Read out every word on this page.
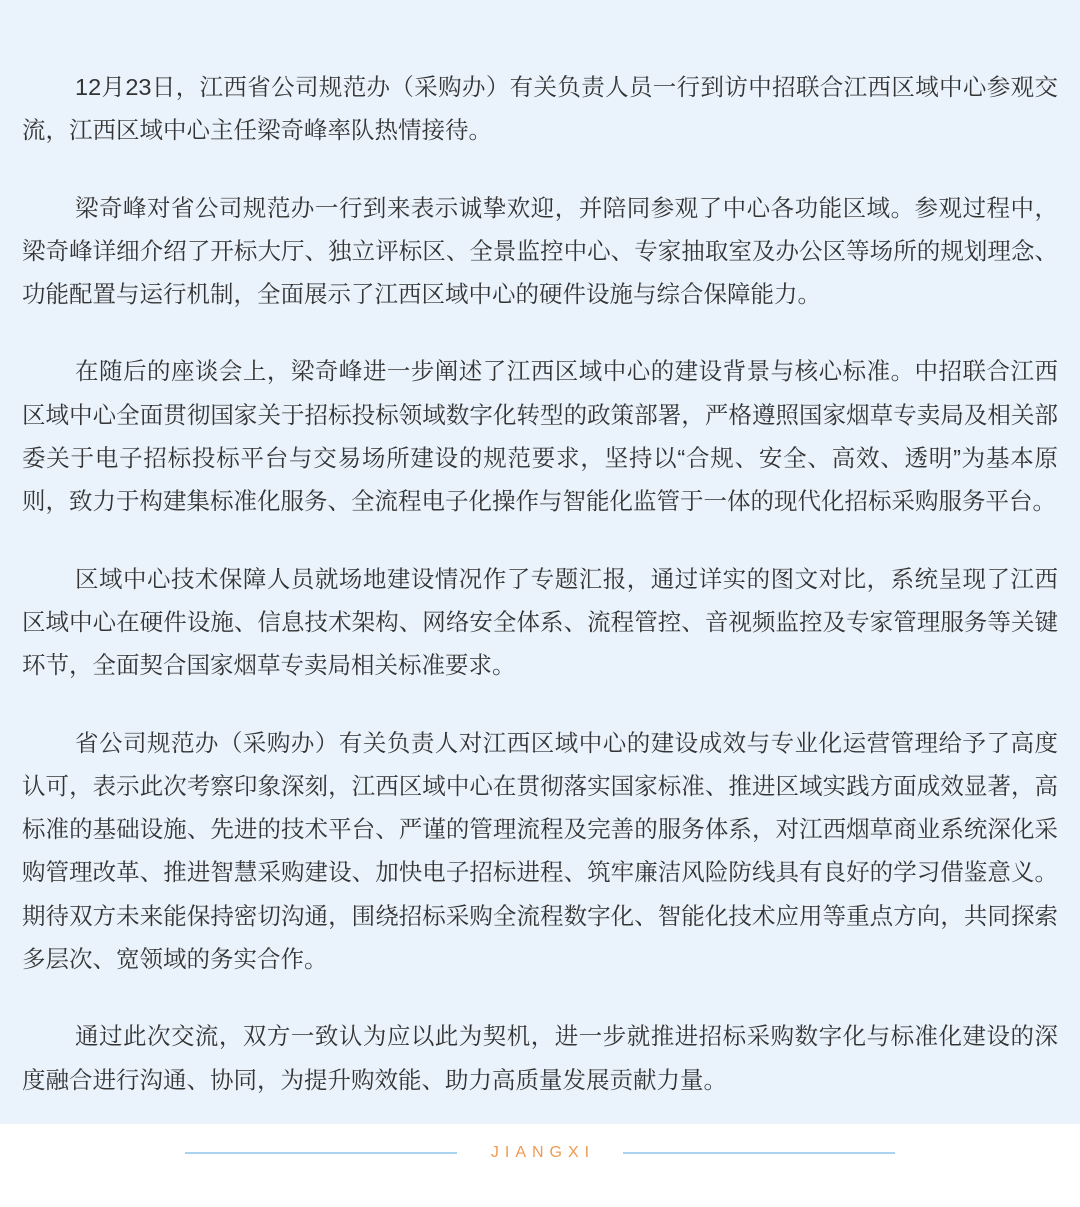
12月23日，江西省公司规范办（采购办）有关负责人员一行到访中招联合江西区域中心参观交流，江西区域中心主任梁奇峰率队热情接待。

梁奇峰对省公司规范办一行到来表示诚挚欢迎，并陪同参观了中心各功能区域。参观过程中，梁奇峰详细介绍了开标大厅、独立评标区、全景监控中心、专家抽取室及办公区等场所的规划理念、功能配置与运行机制，全面展示了江西区域中心的硬件设施与综合保障能力。

在随后的座谈会上，梁奇峰进一步阐述了江西区域中心的建设背景与核心标准。中招联合江西区域中心全面贯彻国家关于招标投标领域数字化转型的政策部署，严格遵照国家烟草专卖局及相关部委关于电子招标投标平台与交易场所建设的规范要求，坚持以“合规、安全、高效、透明”为基本原则，致力于构建集标准化服务、全流程电子化操作与智能化监管于一体的现代化招标采购服务平台。

区域中心技术保障人员就场地建设情况作了专题汇报，通过详实的图文对比，系统呈现了江西区域中心在硬件设施、信息技术架构、网络安全体系、流程管控、音视频监控及专家管理服务等关键环节，全面契合国家烟草专卖局相关标准要求。

省公司规范办（采购办）有关负责人对江西区域中心的建设成效与专业化运营管理给予了高度认可，表示此次考察印象深刻，江西区域中心在贯彻落实国家标准、推进区域实践方面成效显著，高标准的基础设施、先进的技术平台、严谨的管理流程及完善的服务体系，对江西烟草商业系统深化采购管理改革、推进智慧采购建设、加快电子招标进程、筑牢廉洁风险防线具有良好的学习借鉴意义。期待双方未来能保持密切沟通，围绕招标采购全流程数字化、智能化技术应用等重点方向，共同探索多层次、宽领域的务实合作。

通过此次交流，双方一致认为应以此为契机，进一步就推进招标采购数字化与标准化建设的深度融合进行沟通、协同，为提升购效能、助力高质量发展贡献力量。

JIANGXI
